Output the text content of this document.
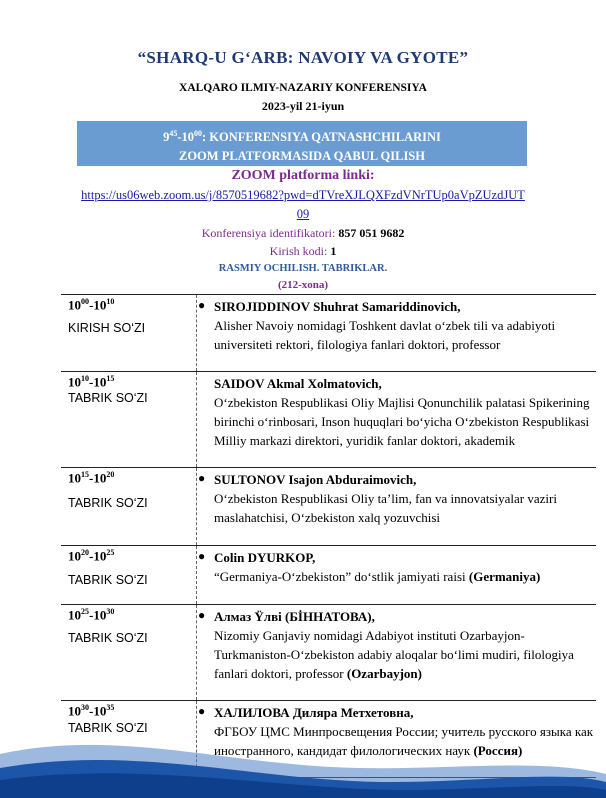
“SHARQ-U G‘ARB: NAVOIY VA GYOTE”
XALQARO ILMIY-NAZARIY KONFERENSIYA
2023-yil 21-iyun
$9^{45}-10^{00}$: KONFERENSIYA QATNASHCHILARINI
ZOOM PLATFORMASIDA QABUL QILISH
ZOOM platforma linki:
https://us06web.zoom.us/j/8570519682?pwd=dTVreXJLQXFzdVNrTUp0aVpZUzdJUT09
Konferensiya identifikatori: 857 051 9682
Kirish kodi: 1
RASMIY OCHILISH. TABRIKLAR.
(212-xona)
$10^{00}-10^{10}$
KIRISH SO‘ZI
● SIROJIDDINOV Shuhrat Samariddinovich,
Alisher Navoiy nomidagi Toshkent davlat o‘zbek tili va adabiyoti universiteti rektori, filologiya fanlari doktori, professor
$10^{10}-10^{15}$
TABRIK SO‘ZI
SAIDOV Akmal Xolmatovich,
O‘zbekiston Respublikasi Oliy Majlisi Qonunchilik palatasi Spikerining birinchi o‘rinbosari, Inson huquqlari bo‘yicha O‘zbekiston Respublikasi Milliy markazi direktori, yuridik fanlar doktori, akademik
$10^{15}-10^{20}$
TABRIK SO‘ZI
● SULTONOV Isajon Abduraimovich,
O‘zbekiston Respublikasi Oliy ta’lim, fan va innovatsiyalar vaziri maslahatchisi, O‘zbekiston xalq yozuvchisi
$10^{20}-10^{25}$
TABRIK SO‘ZI
● Colin DYURKOP,
“Germaniya-O‘zbekiston” do‘stlik jamiyati raisi (Germaniya)
$10^{25}-10^{30}$
TABRIK SO‘ZI
● Алмаз Ÿлвi (БİННАТОВА),
Nizomiy Ganjaviy nomidagi Adabiyot instituti Ozarbayjon-Turkmaniston-O‘zbekiston adabiy aloqalar bo‘limi mudiri, filologiya fanlari doktori, professor (Ozarbayjon)
$10^{30}-10^{35}$
TABRIK SO‘ZI
● ХАЛИЛОВА Диляра Метхетовна,
ФГБОУ ЦМС Минпросвещения России; учитель русского языка как иностранного, кандидат филологических наук (Россия)
